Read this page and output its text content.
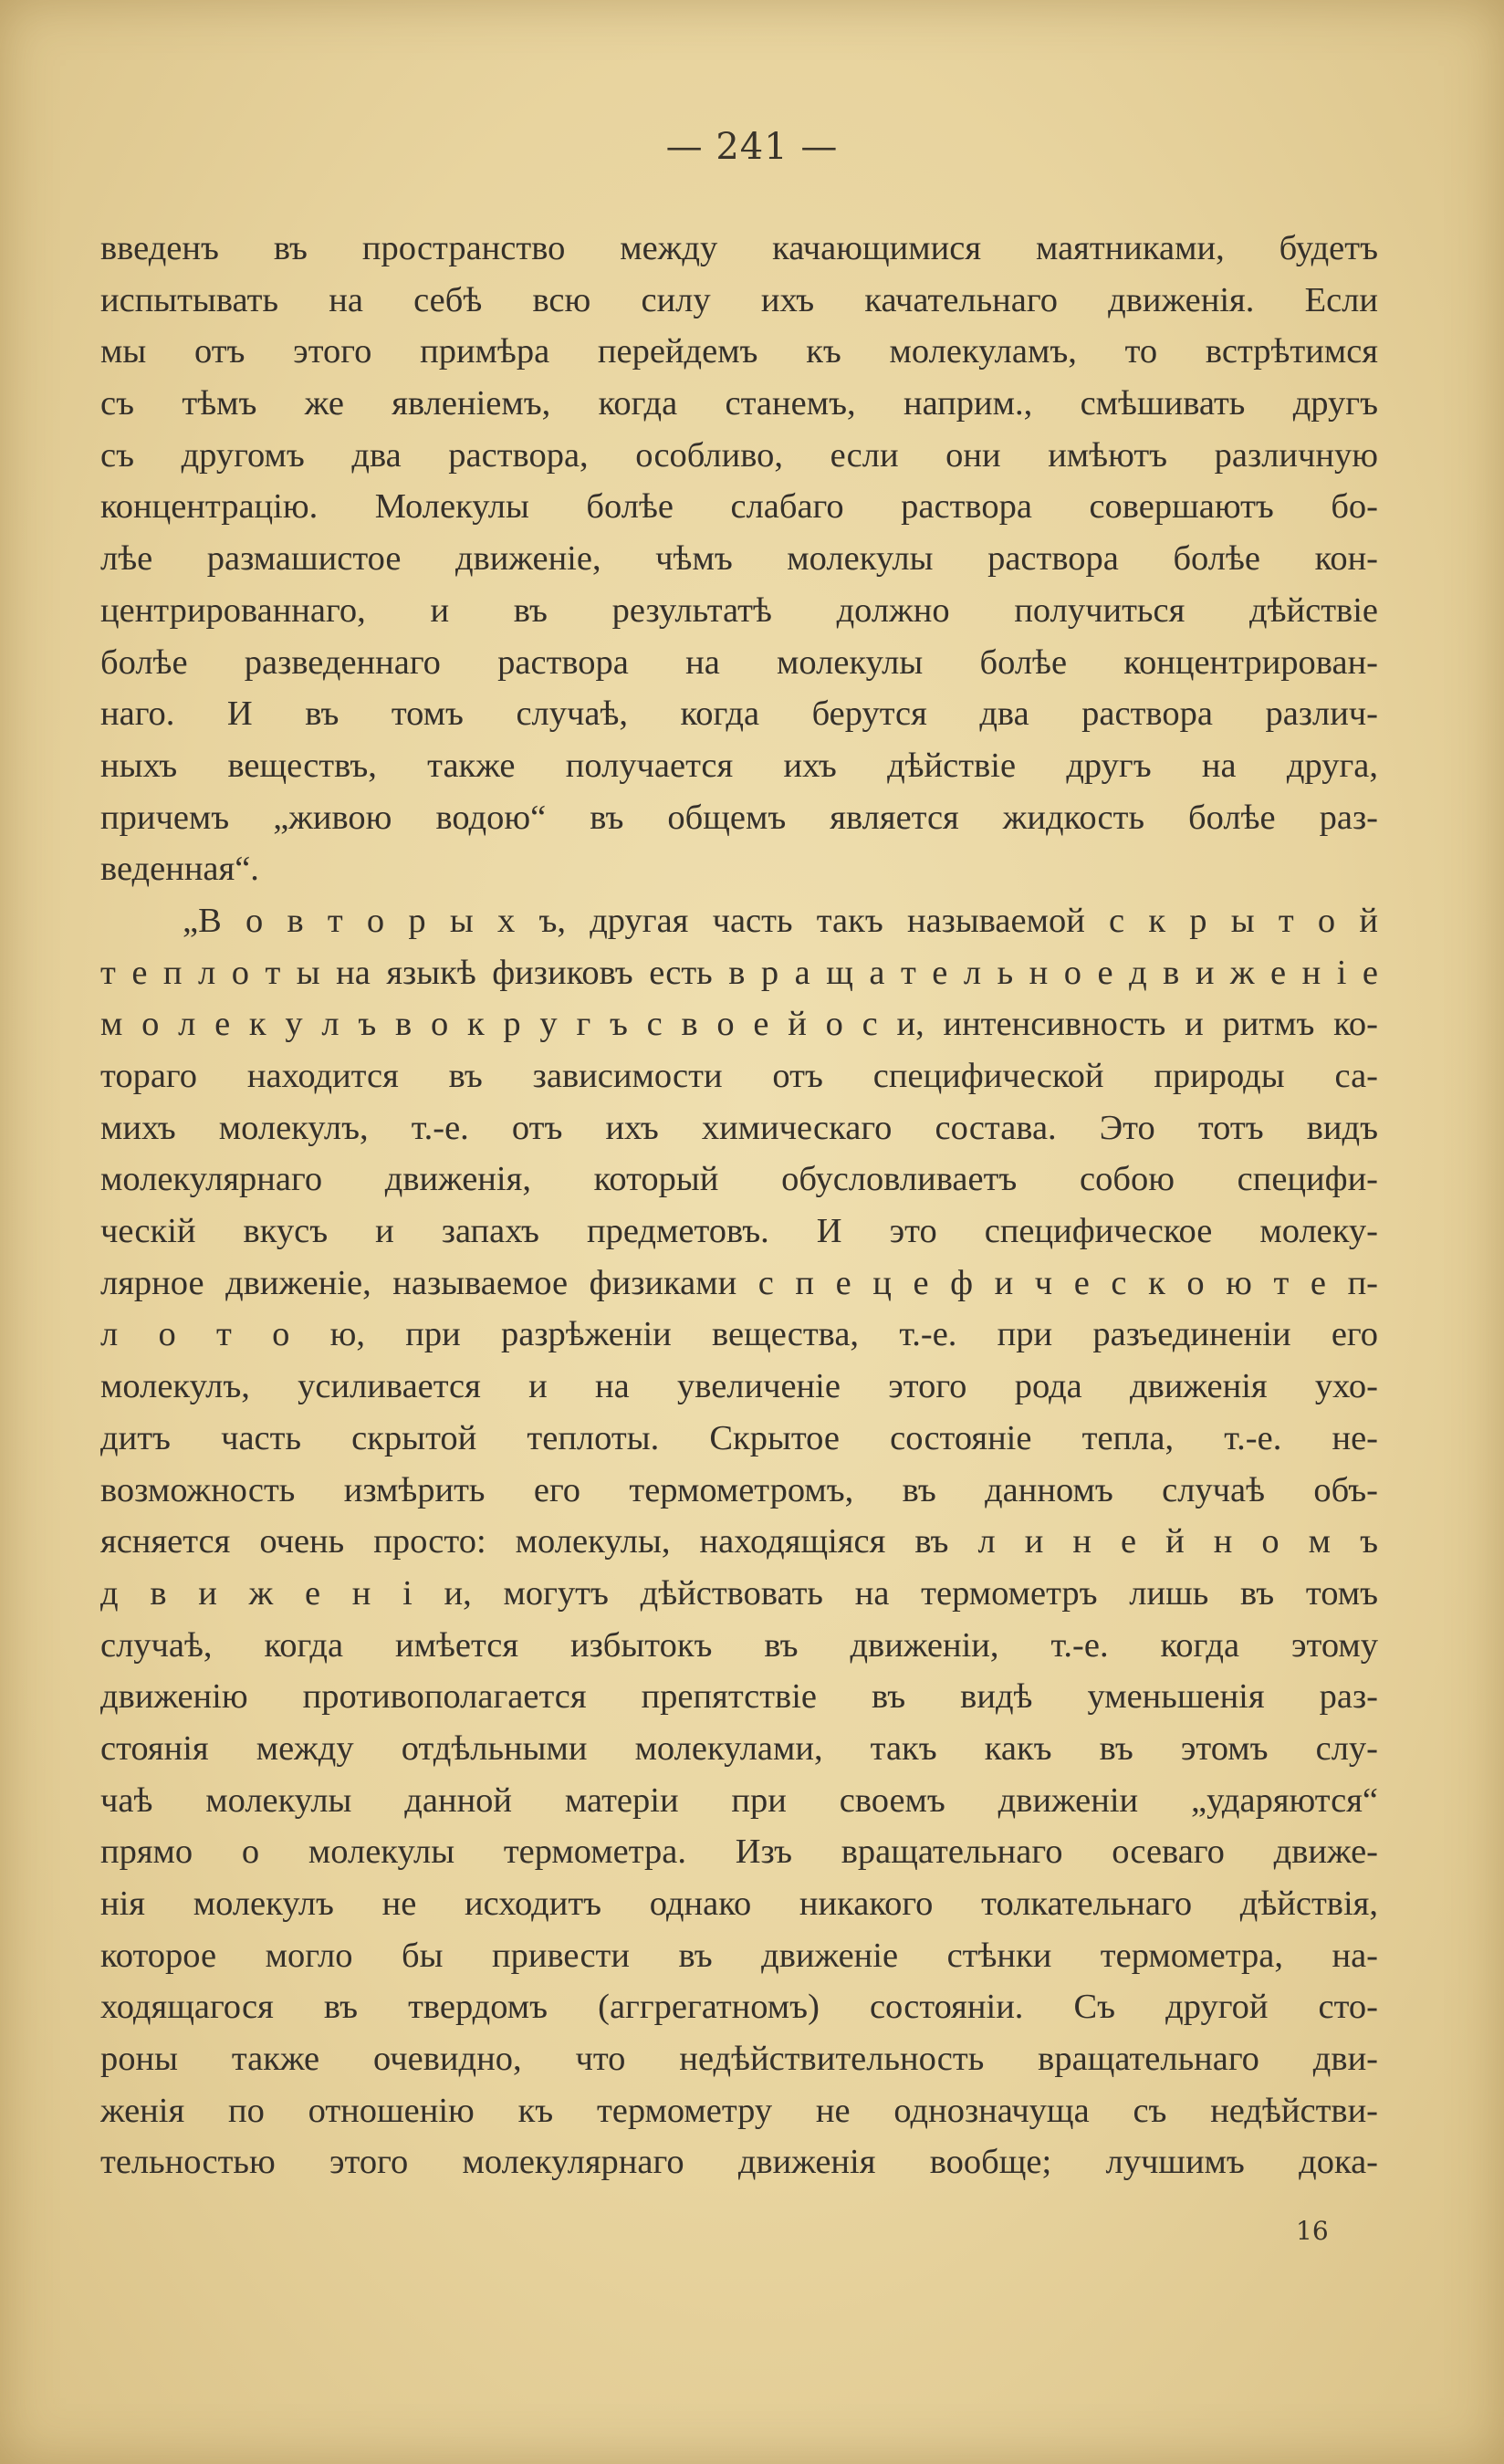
— 241 —
введенъ въ пространство между качающимися маятниками, будетъ
испытывать на себѣ всю силу ихъ качательнаго движенія. Если
мы отъ этого примѣра перейдемъ къ молекуламъ, то встрѣтимся
съ тѣмъ же явленіемъ, когда станемъ, наприм., смѣшивать другъ
съ другомъ два раствора, особливо, если они имѣютъ различную
концентрацію. Молекулы болѣе слабаго раствора совершаютъ бо-
лѣе размашистое движеніе, чѣмъ молекулы раствора болѣе кон-
центрированнаго, и въ результатѣ должно получиться дѣйствіе
болѣе разведеннаго раствора на молекулы болѣе концентрирован-
наго. И въ томъ случаѣ, когда берутся два раствора различ-
ныхъ веществъ, также получается ихъ дѣйствіе другъ на друга,
причемъ „живою водою“ въ общемъ является жидкость болѣе раз-
веденная“.
„В о в т о р ы х ъ, другая часть такъ называемой с к р ы т о й
т е п л о т ы на языкѣ физиковъ есть в р а щ а т е л ь н о е д в и ж е н і е
м о л е к у л ъ в о к р у г ъ с в о е й о с и, интенсивность и ритмъ ко-
тораго находится въ зависимости отъ специфической природы са-
михъ молекулъ, т.-е. отъ ихъ химическаго состава. Это тотъ видъ
молекулярнаго движенія, который обусловливаетъ собою специфи-
ческій вкусъ и запахъ предметовъ. И это специфическое молеку-
лярное движеніе, называемое физиками с п е ц е ф и ч е с к о ю т е п-
л о т о ю, при разрѣженіи вещества, т.-е. при разъединеніи его
молекулъ, усиливается и на увеличеніе этого рода движенія ухо-
дитъ часть скрытой теплоты. Скрытое состояніе тепла, т.-е. не-
возможность измѣрить его термометромъ, въ данномъ случаѣ объ-
ясняется очень просто: молекулы, находящіяся въ л и н е й н о м ъ
д в и ж е н і и, могутъ дѣйствовать на термометръ лишь въ томъ
случаѣ, когда имѣется избытокъ въ движеніи, т.-е. когда этому
движенію противополагается препятствіе въ видѣ уменьшенія раз-
стоянія между отдѣльными молекулами, такъ какъ въ этомъ слу-
чаѣ молекулы данной матеріи при своемъ движеніи „ударяются“
прямо о молекулы термометра. Изъ вращательнаго осеваго движе-
нія молекулъ не исходитъ однако никакого толкательнаго дѣйствія,
которое могло бы привести въ движеніе стѣнки термометра, на-
ходящагося въ твердомъ (аггрегатномъ) состояніи. Съ другой сто-
роны также очевидно, что недѣйствительность вращательнаго дви-
женія по отношенію къ термометру не однозначуща съ недѣйстви-
тельностью этого молекулярнаго движенія вообще; лучшимъ дока-
16
